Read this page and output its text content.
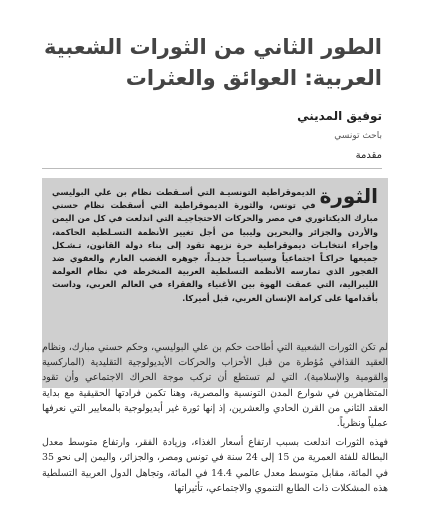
الطور الثاني من الثورات الشعبية
العربية: العوائق والعثرات
توفيق المديني
باحث تونسي
مقدمة

الثورة
الديموقراطية التونسيـة التي أسـقطت نظام بن علي البوليسي في تونس، والثورة الديموقراطية التي أسقطت نظام حسني مبارك الديكتاتوري في مصر والحركات الاحتجاجيـة التي اندلعت في كل من اليمن والأردن والجزائر والبحرين وليبيا من أجل تغيير الأنظمة التسـلطية الحاكمة، وإجراء انتخابـات ديموقراطية حرة نزيهة تقود إلى بناء دولة القانون، تـشـكل جميعها حراكـاً اجتماعياً وسياسـيـاً جديـداً، جوهره الغضب العارم والعفوي ضد الفجور الذي تمارسه الأنظمة التسلطية العربية المنخرطة في نظام العولمة الليبرالية، التي عمقت الهوة بين الأغنياء والفقراء في العالم العربي، وداست بأقدامها على كرامة الإنسان العربي، قبل أميركا.

لم تكن الثورات الشعبية التي أطاحت حكم بن علي البوليسي، وحكم حسني مبارك، ونظام العقيد القذافي مُؤطرة من قبل الأحزاب والحركات الأيديولوجية التقليدية (الماركسية والقومية والإسلامية)، التي لم تستطع أن تركب موجة الحراك الاجتماعي وأن تقود المتظاهرين في شوارع المدن التونسية والمصرية، وهنا تكمن فرادتها الحقيقية مع بداية العقد الثاني من القرن الحادي والعشرين، إذ إنها ثورة غير أيديولوجية بالمعايير التي نعرفها عملياً ونظرياً.

فهذه الثورات اندلعت بسبب ارتفاع أسعار الغذاء، وزيادة الفقر، وارتفاع متوسط معدل البطالة للفئة العمرية من 15 إلى 24 سنة في تونس ومصر، والجزائر، واليمن إلى نحو 35 في المائة، مقابل متوسط معدل عالمي 14.4 في المائة، وتجاهل الدول العربية التسلطية هذه المشكلات ذات الطابع التنموي والاجتماعي، تأثيراتها
